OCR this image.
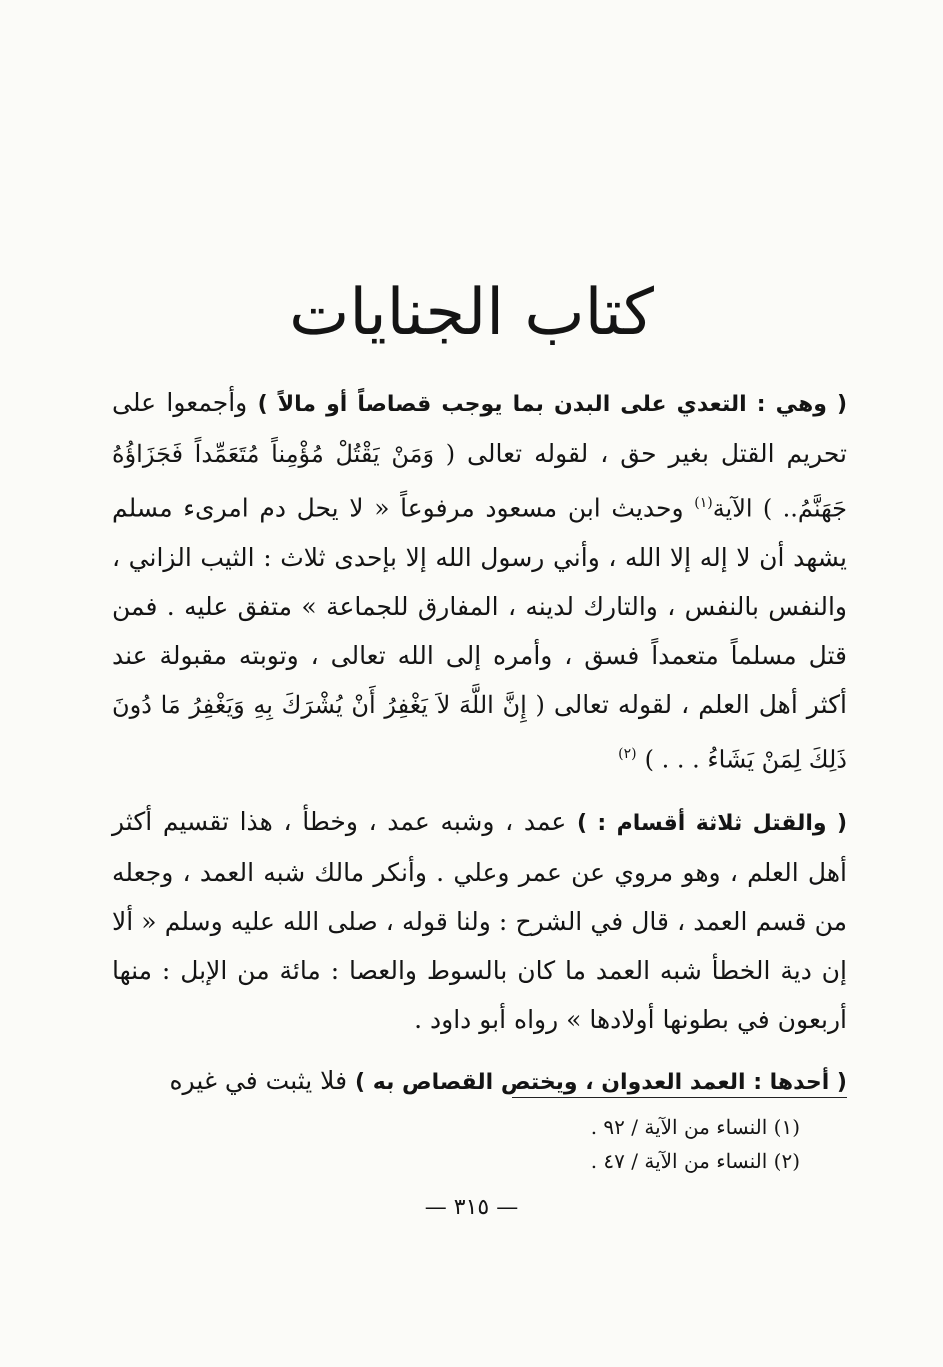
كتاب الجنايات

( وهي : التعدي على البدن بما يوجب قصاصاً أو مالاً ) وأجمعوا على تحريم القتل بغير حق ، لقوله تعالى ( وَمَنْ يَقْتُلْ مُؤْمِناً مُتَعَمِّداً فَجَزَاؤُهُ جَهَنَّمُ.. ) الآية$^{(١)}$ وحديث ابن مسعود مرفوعاً « لا يحل دم امرىء مسلم يشهد أن لا إله إلا الله ، وأني رسول الله إلا بإحدى ثلاث : الثيب الزاني ، والنفس بالنفس ، والتارك لدينه ، المفارق للجماعة » متفق عليه . فمن قتل مسلماً متعمداً فسق ، وأمره إلى الله تعالى ، وتوبته مقبولة عند أكثر أهل العلم ، لقوله تعالى ( إِنَّ اللَّهَ لاَ يَغْفِرُ أَنْ يُشْرَكَ بِهِ وَيَغْفِرُ مَا دُونَ ذَلِكَ لِمَنْ يَشَاءُ . . . ) $^{(٢)}$

( والقتل ثلاثة أقسام : ) عمد ، وشبه عمد ، وخطأ ، هذا تقسيم أكثر أهل العلم ، وهو مروي عن عمر وعلي . وأنكر مالك شبه العمد ، وجعله من قسم العمد ، قال في الشرح : ولنا قوله ، صلى الله عليه وسلم « ألا إن دية الخطأ شبه العمد ما كان بالسوط والعصا : مائة من الإبل : منها أربعون في بطونها أولادها » رواه أبو داود .

( أحدها : العمد العدوان ، ويختص القصاص به ) فلا يثبت في غيره

(١) النساء من الآية / ٩٢ .

(٢) النساء من الآية / ٤٧ .

— ٣١٥ —
